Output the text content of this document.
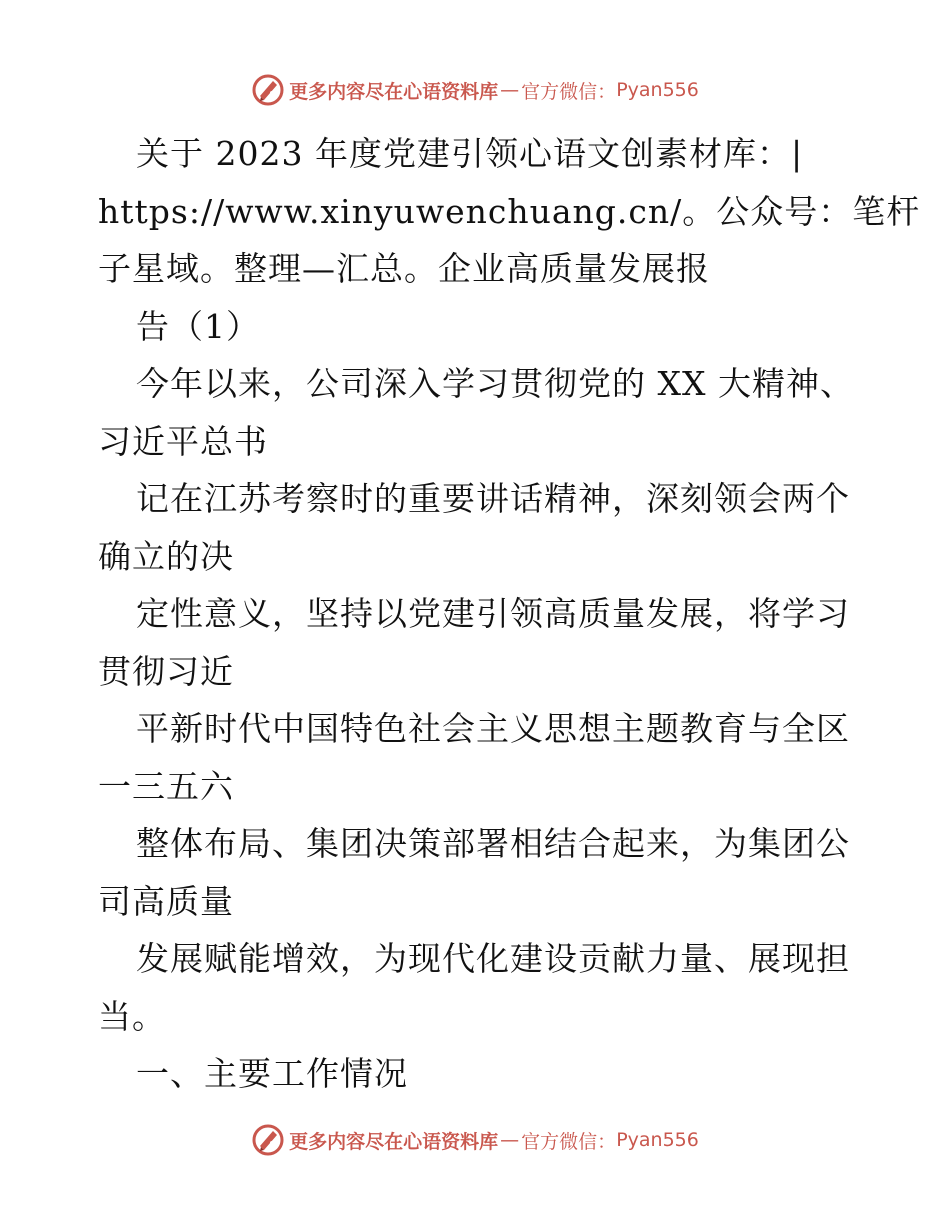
更多内容尽在心语资料库 — 官方微信： Pyan556
关于 2023 年度党建引领心语文创素材库：|
https://www.xinyuwenchuang.cn/。公众号：笔杆
子星域。整理—汇总。企业高质量发展报
告（1）
今年以来，公司深入学习贯彻党的 XX 大精神、
习近平总书
记在江苏考察时的重要讲话精神，深刻领会两个
确立的决
定性意义，坚持以党建引领高质量发展，将学习
贯彻习近
平新时代中国特色社会主义思想主题教育与全区
一三五六
整体布局、集团决策部署相结合起来，为集团公
司高质量
发展赋能增效，为现代化建设贡献力量、展现担
当。
一、主要工作情况
更多内容尽在心语资料库 — 官方微信： Pyan556
